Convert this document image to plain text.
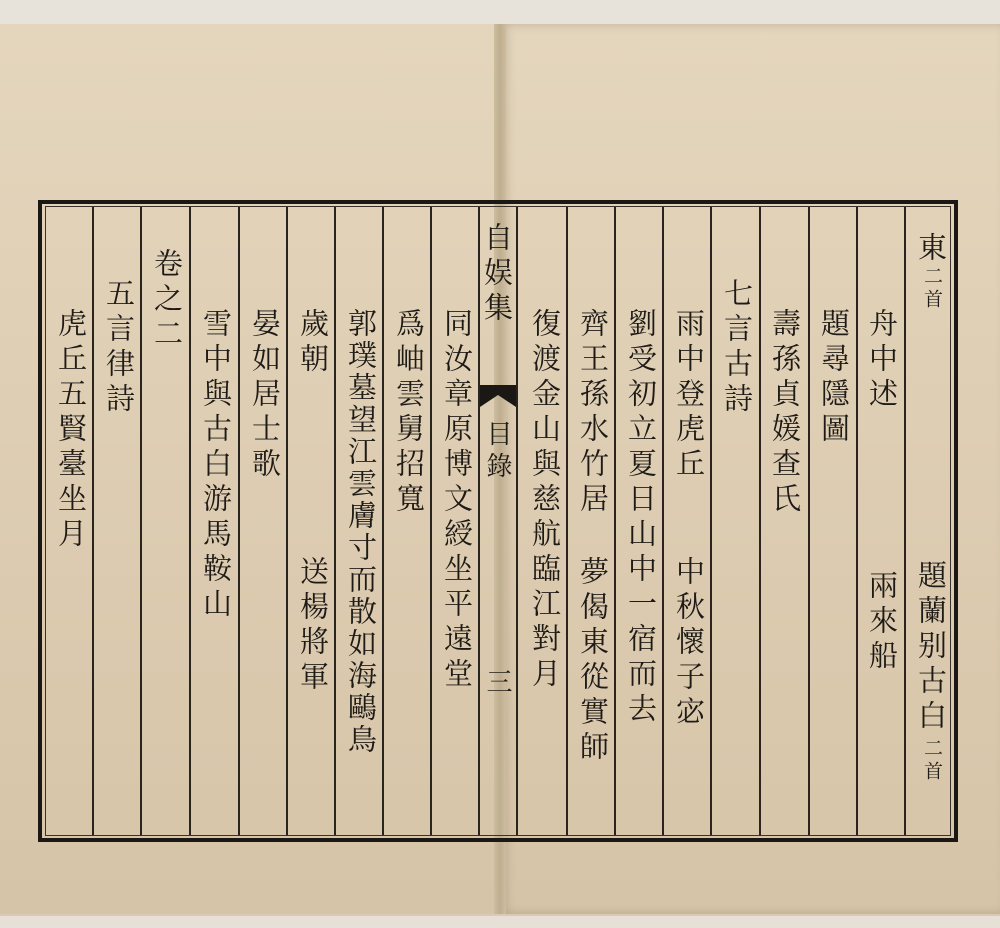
自娱集
目錄
三
東
二首
題蘭别古白
二首
舟中述
兩來船
題尋隱圖
壽孫貞媛查氏
七言古詩
雨中登虎丘
中秋懷子宓
劉受初立夏日山中一宿而去
齊王孫水竹居
夢偈東從實師
復渡金山與慈航臨江對月
同汝章原博文綬坐平遠堂
爲岫雲舅招寬
郭璞墓望江雲膚寸而散如海鷗鳥
歲朝
送楊將軍
晏如居士歌
雪中與古白游馬鞍山
卷之二
五言律詩
虎丘五賢臺坐月
